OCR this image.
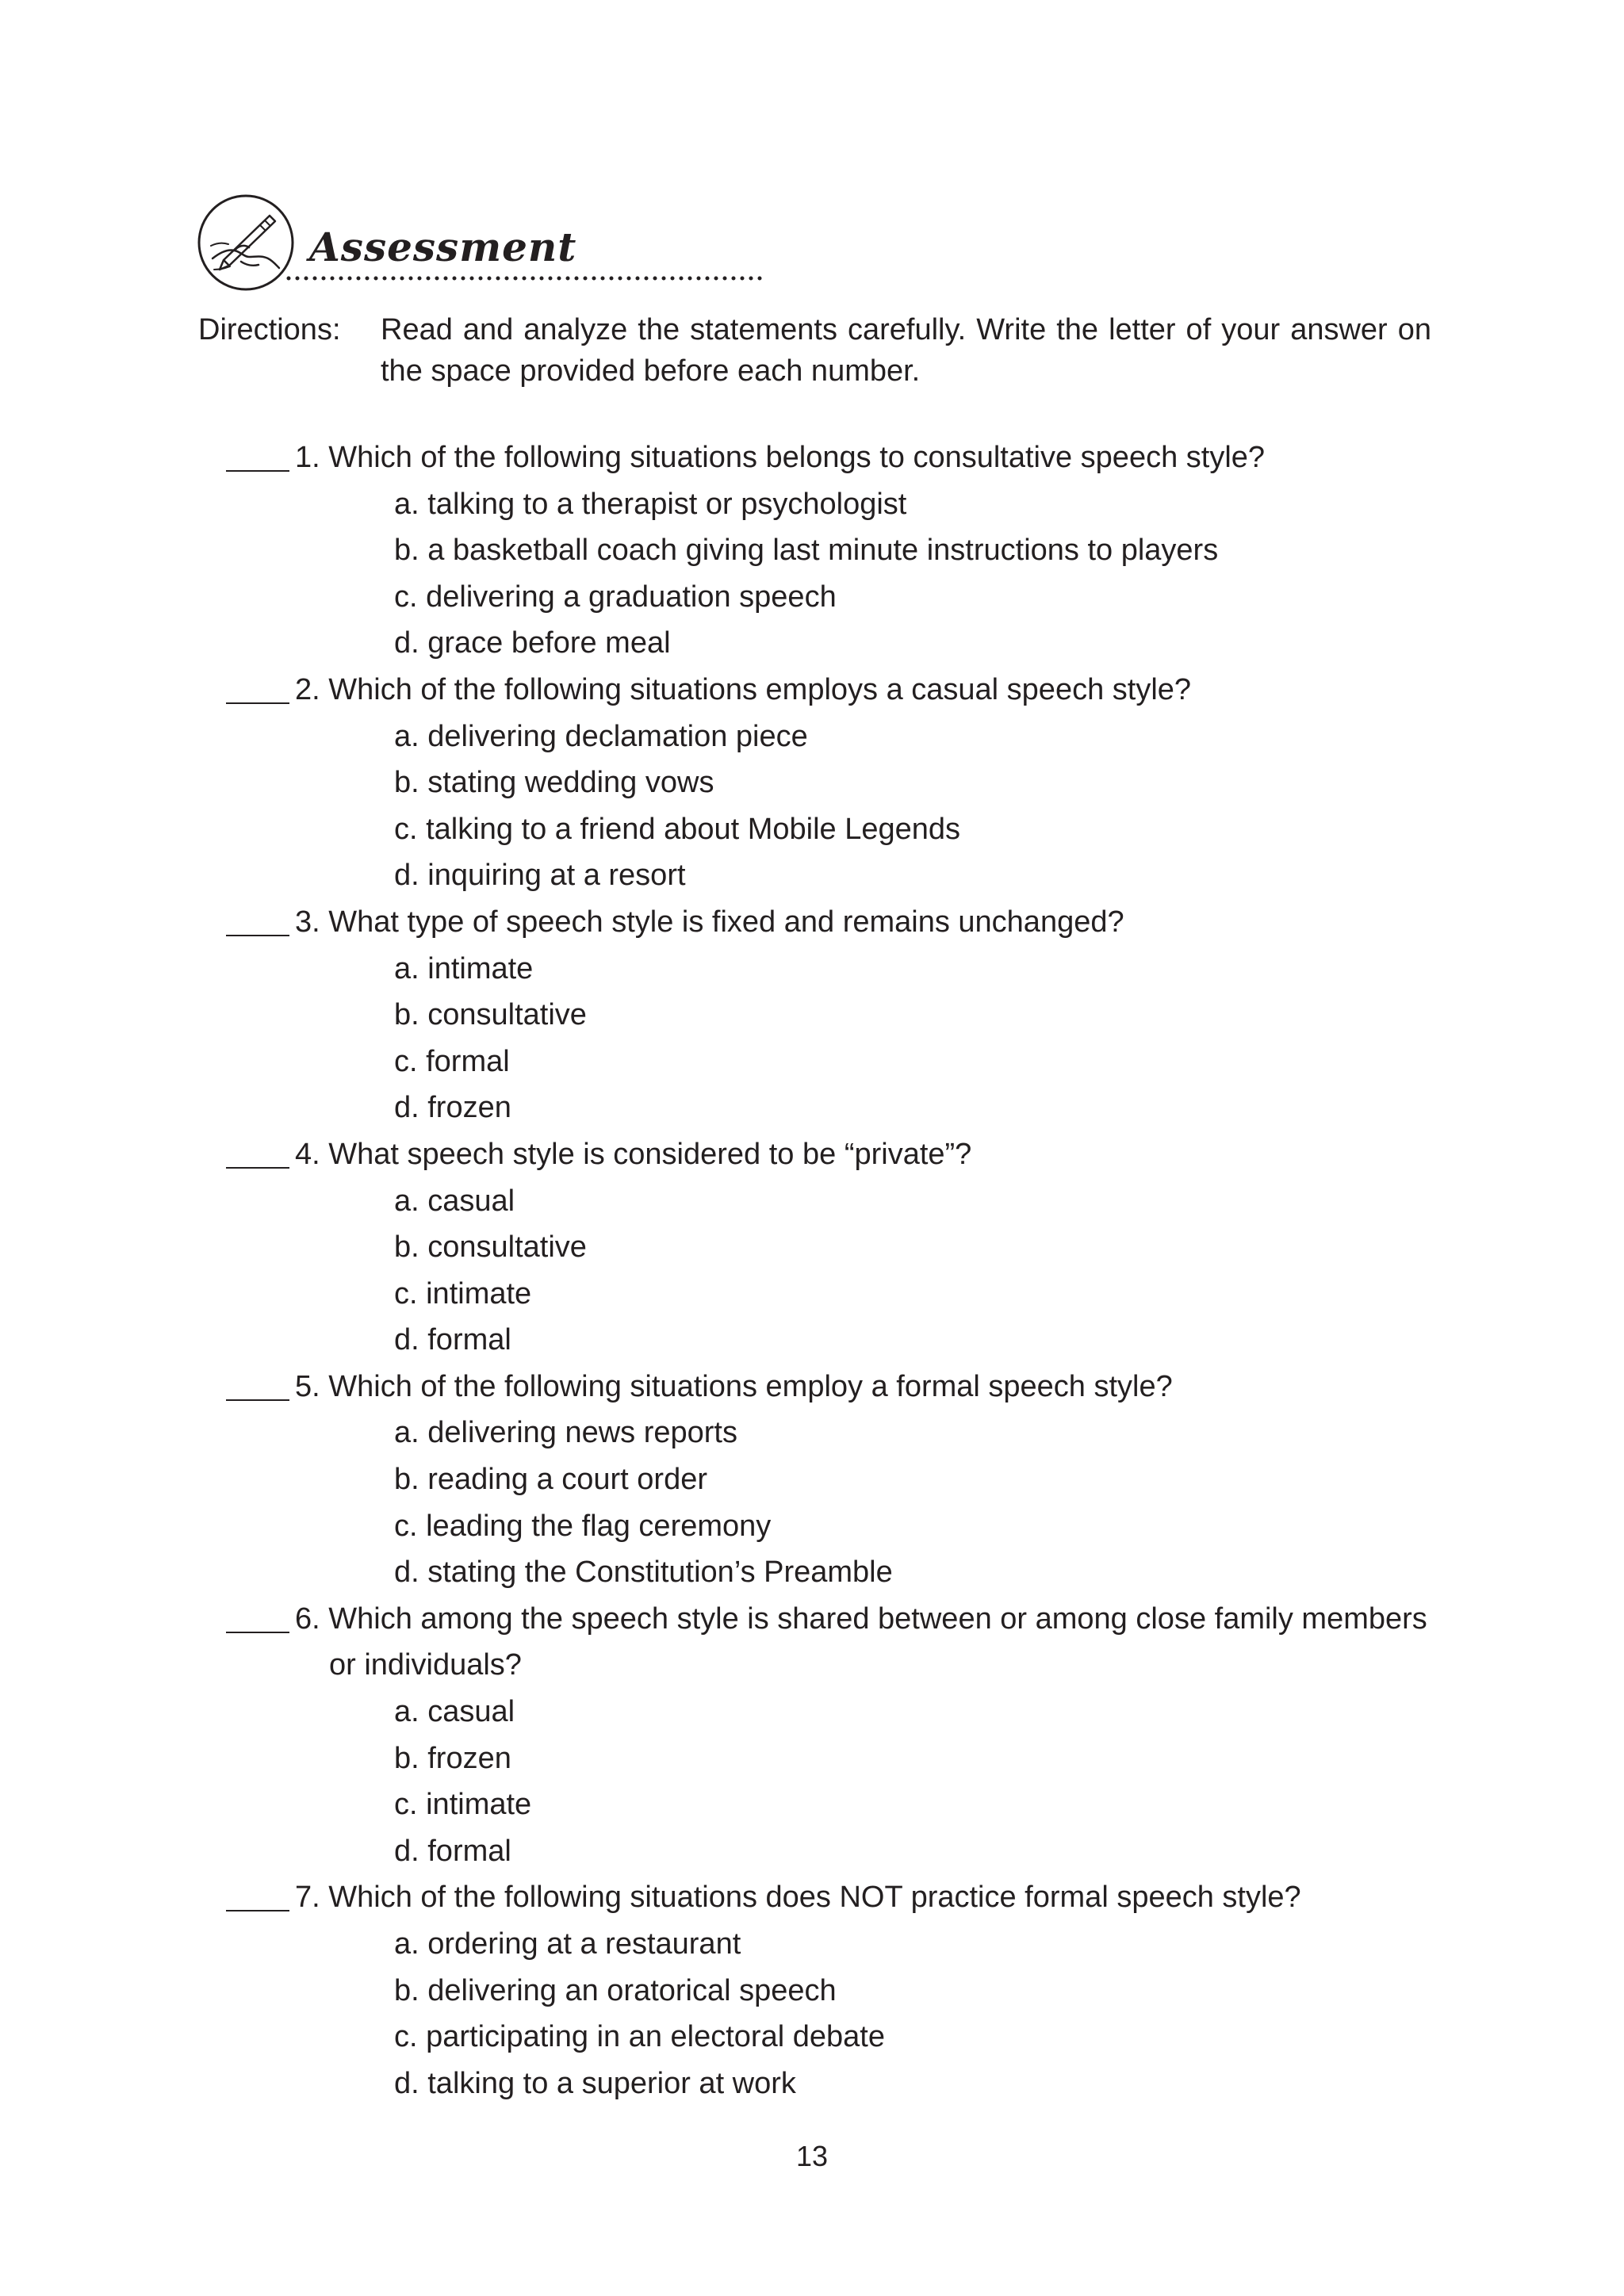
Assessment
Directions: Read and analyze the statements carefully. Write the letter of your answer on the space provided before each number.
1. Which of the following situations belongs to consultative speech style?
a. talking to a therapist or psychologist
b. a basketball coach giving last minute instructions to players
c. delivering a graduation speech
d. grace before meal
2. Which of the following situations employs a casual speech style?
a. delivering declamation piece
b. stating wedding vows
c. talking to a friend about Mobile Legends
d. inquiring at a resort
3. What type of speech style is fixed and remains unchanged?
a. intimate
b. consultative
c. formal
d. frozen
4. What speech style is considered to be “private”?
a. casual
b. consultative
c. intimate
d. formal
5. Which of the following situations employ a formal speech style?
a. delivering news reports
b. reading a court order
c. leading the flag ceremony
d. stating the Constitution’s Preamble
6. Which among the speech style is shared between or among close family members
or individuals?
a. casual
b. frozen
c. intimate
d. formal
7. Which of the following situations does NOT practice formal speech style?
a. ordering at a restaurant
b. delivering an oratorical speech
c. participating in an electoral debate
d. talking to a superior at work
13
